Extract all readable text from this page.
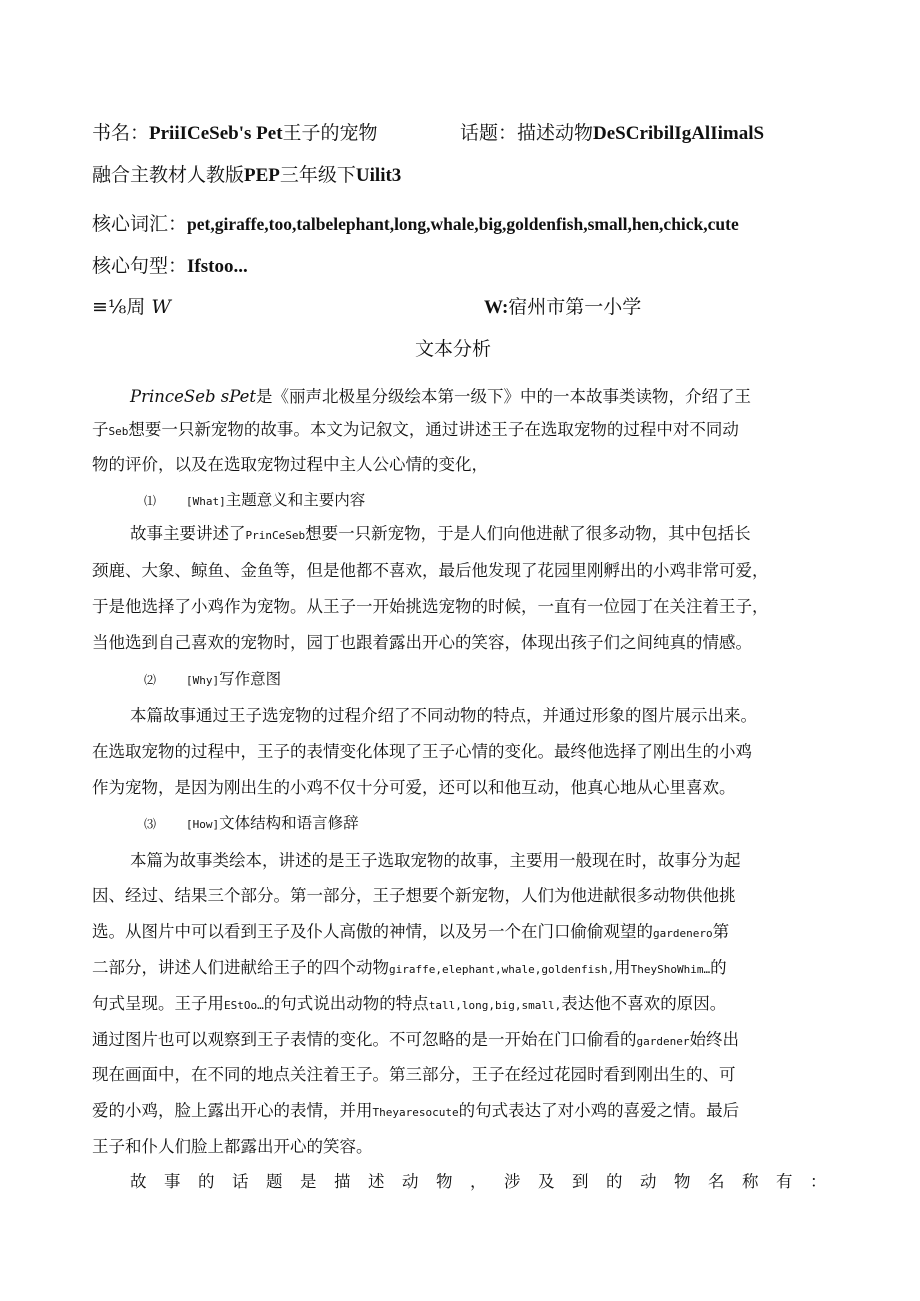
书名：PriiICeSeb's Pet王子的宠物	话题：描述动物DeSCribilIgAlIimalS
融合主教材人教版PEP三年级下Uilit3
核心词汇：pet,giraffe,too,talbelephant,long,whale,big,goldenfish,small,hen,chick,cute
核心句型：Ifstoo...
≡⅛周 W	W:宿州市第一小学
文本分析
PrinceSeb sPet是《丽声北极星分级绘本第一级下》中的一本故事类读物，介绍了王
子Seb想要一只新宠物的故事。本文为记叙文，通过讲述王子在选取宠物的过程中对不同动
物的评价，以及在选取宠物过程中主人公心情的变化，
⑴	[What]主题意义和主要内容
故事主要讲述了PrinCeSeb想要一只新宠物，于是人们向他进献了很多动物，其中包括长
颈鹿、大象、鲸鱼、金鱼等，但是他都不喜欢，最后他发现了花园里刚孵出的小鸡非常可爱，
于是他选择了小鸡作为宠物。从王子一开始挑选宠物的时候，一直有一位园丁在关注着王子，
当他选到自己喜欢的宠物时，园丁也跟着露出开心的笑容，体现出孩子们之间纯真的情感。
⑵	[Why]写作意图
本篇故事通过王子选宠物的过程介绍了不同动物的特点，并通过形象的图片展示出来。
在选取宠物的过程中，王子的表情变化体现了王子心情的变化。最终他选择了刚出生的小鸡
作为宠物，是因为刚出生的小鸡不仅十分可爱，还可以和他互动，他真心地从心里喜欢。
⑶	[How]文体结构和语言修辞
本篇为故事类绘本，讲述的是王子选取宠物的故事，主要用一般现在时，故事分为起
因、经过、结果三个部分。第一部分，王子想要个新宠物，人们为他进献很多动物供他挑
选。从图片中可以看到王子及仆人高傲的神情，以及另一个在门口偷偷观望的gardenero第
二部分，讲述人们进献给王子的四个动物giraffe,elephant,whale,goldenfish,用TheyShoWhim…的
句式呈现。王子用EStOo…的句式说出动物的特点tall,long,big,small,表达他不喜欢的原因。
通过图片也可以观察到王子表情的变化。不可忽略的是一开始在门口偷看的gardener始终出
现在画面中，在不同的地点关注着王子。第三部分，王子在经过花园时看到刚出生的、可
爱的小鸡，脸上露出开心的表情，并用Theyaresocute的句式表达了对小鸡的喜爱之情。最后
王子和仆人们脸上都露出开心的笑容。
故事的话题是描述动物，涉及到的动物名称有：
